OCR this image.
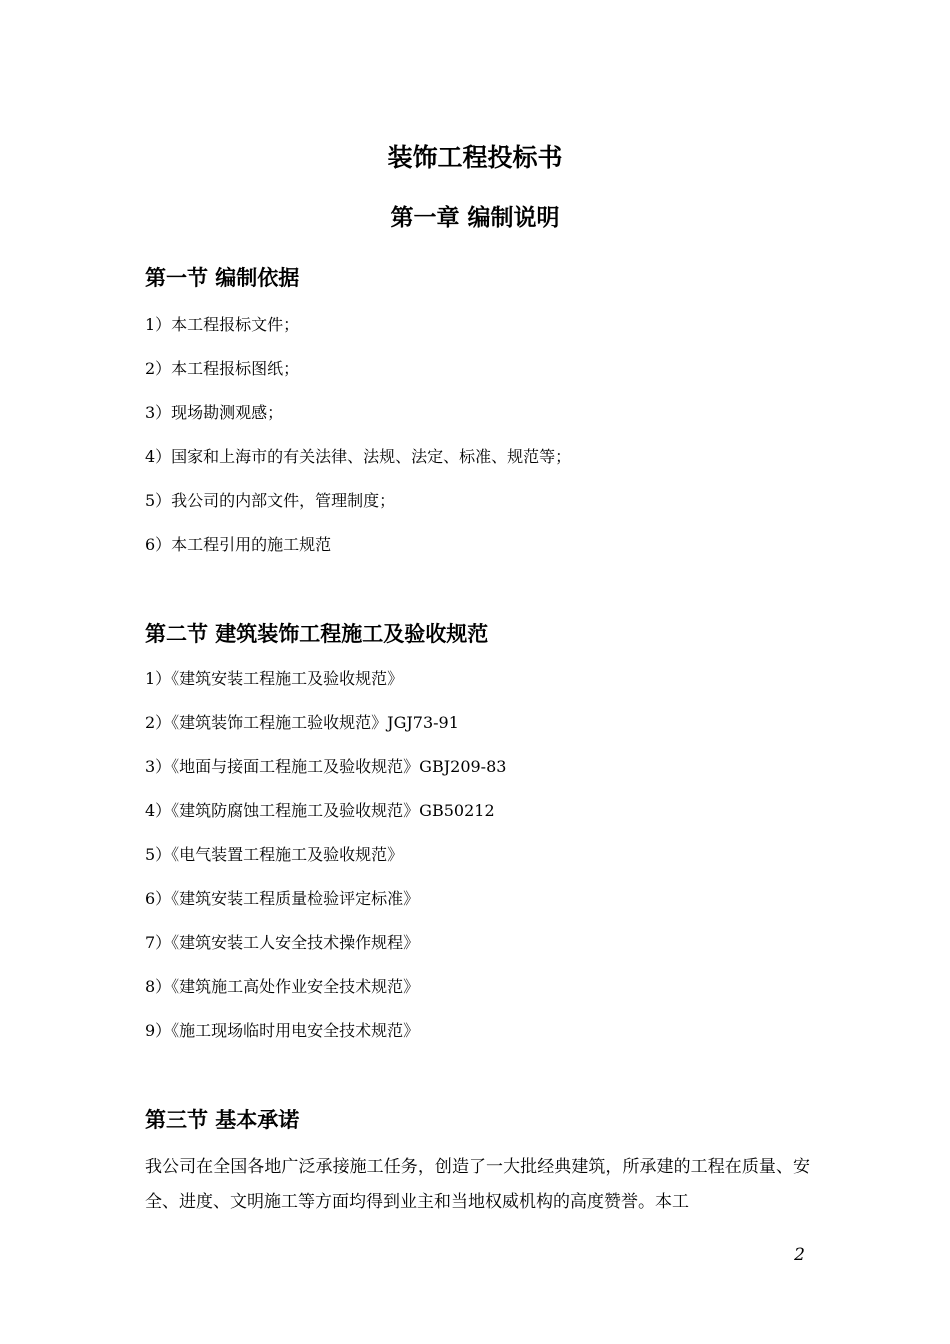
装饰工程投标书
第一章 编制说明
第一节 编制依据
1）本工程报标文件；
2）本工程报标图纸；
3）现场勘测观感；
4）国家和上海市的有关法律、法规、法定、标准、规范等；
5）我公司的内部文件，管理制度；
6）本工程引用的施工规范
第二节 建筑装饰工程施工及验收规范
1）《建筑安装工程施工及验收规范》
2）《建筑装饰工程施工验收规范》JGJ73-91
3）《地面与接面工程施工及验收规范》GBJ209-83
4）《建筑防腐蚀工程施工及验收规范》GB50212
5）《电气装置工程施工及验收规范》
6）《建筑安装工程质量检验评定标准》
7）《建筑安装工人安全技术操作规程》
8）《建筑施工高处作业安全技术规范》
9）《施工现场临时用电安全技术规范》
第三节 基本承诺

我公司在全国各地广泛承接施工任务，创造了一大批经典建筑，所承建的工程在质量、安全、进度、文明施工等方面均得到业主和当地权威机构的高度赞誉。本工

2
